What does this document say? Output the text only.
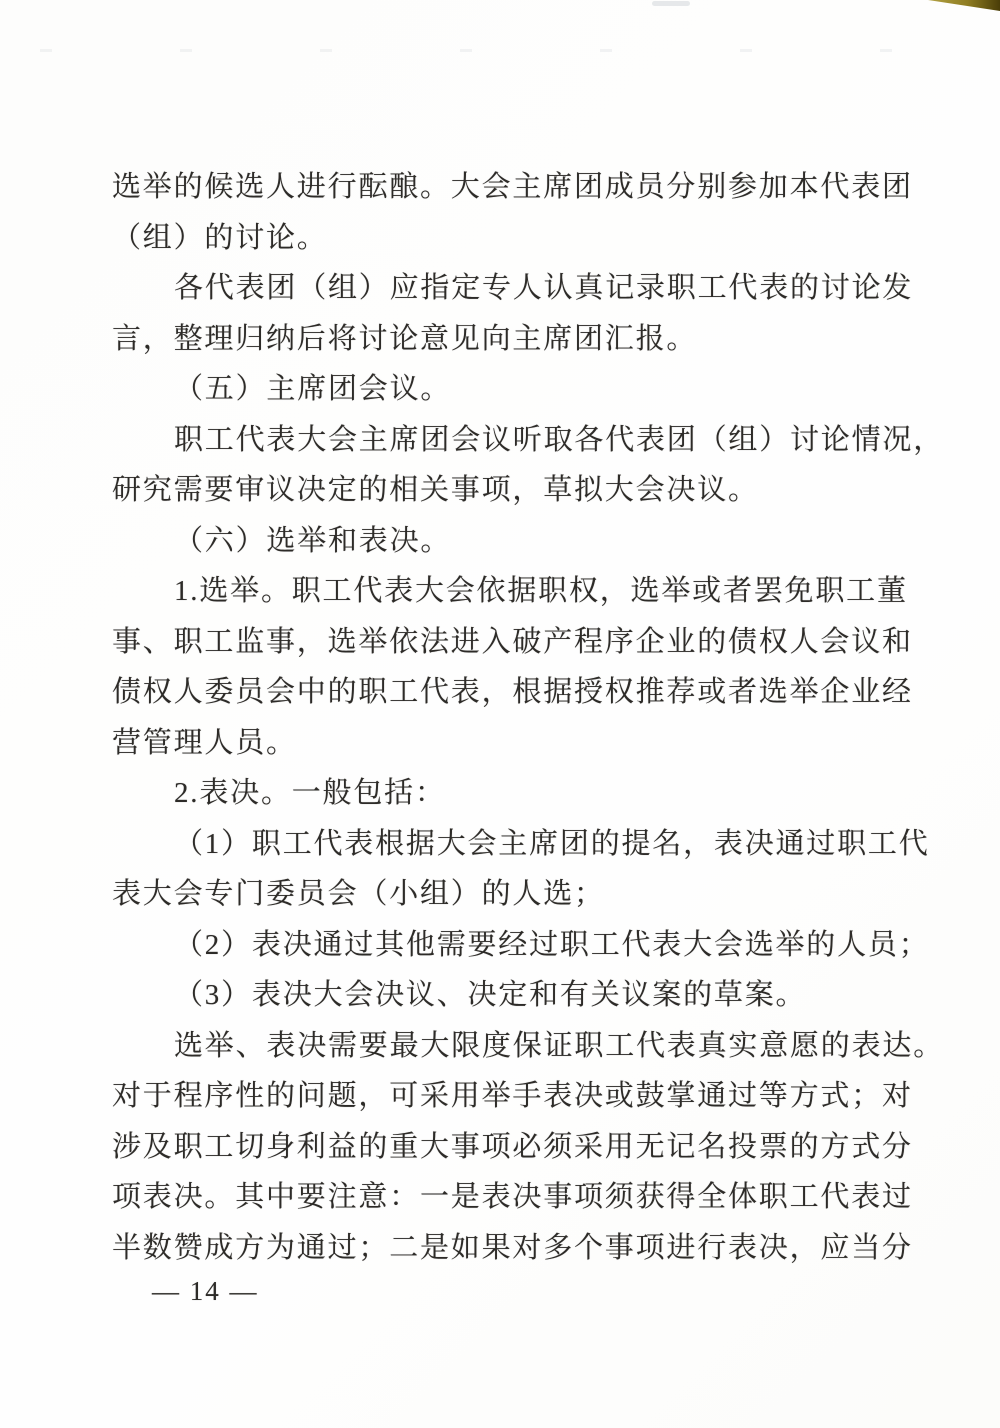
选举的候选人进行酝酿。大会主席团成员分别参加本代表团
（组）的讨论。
各代表团（组）应指定专人认真记录职工代表的讨论发
言，整理归纳后将讨论意见向主席团汇报。
（五）主席团会议。
职工代表大会主席团会议听取各代表团（组）讨论情况，
研究需要审议决定的相关事项，草拟大会决议。
（六）选举和表决。
1.选举。职工代表大会依据职权，选举或者罢免职工董
事、职工监事，选举依法进入破产程序企业的债权人会议和
债权人委员会中的职工代表，根据授权推荐或者选举企业经
营管理人员。
2.表决。一般包括：
（1）职工代表根据大会主席团的提名，表决通过职工代
表大会专门委员会（小组）的人选；
（2）表决通过其他需要经过职工代表大会选举的人员；
（3）表决大会决议、决定和有关议案的草案。
选举、表决需要最大限度保证职工代表真实意愿的表达。
对于程序性的问题，可采用举手表决或鼓掌通过等方式；对
涉及职工切身利益的重大事项必须采用无记名投票的方式分
项表决。其中要注意：一是表决事项须获得全体职工代表过
半数赞成方为通过；二是如果对多个事项进行表决，应当分
— 14 —
